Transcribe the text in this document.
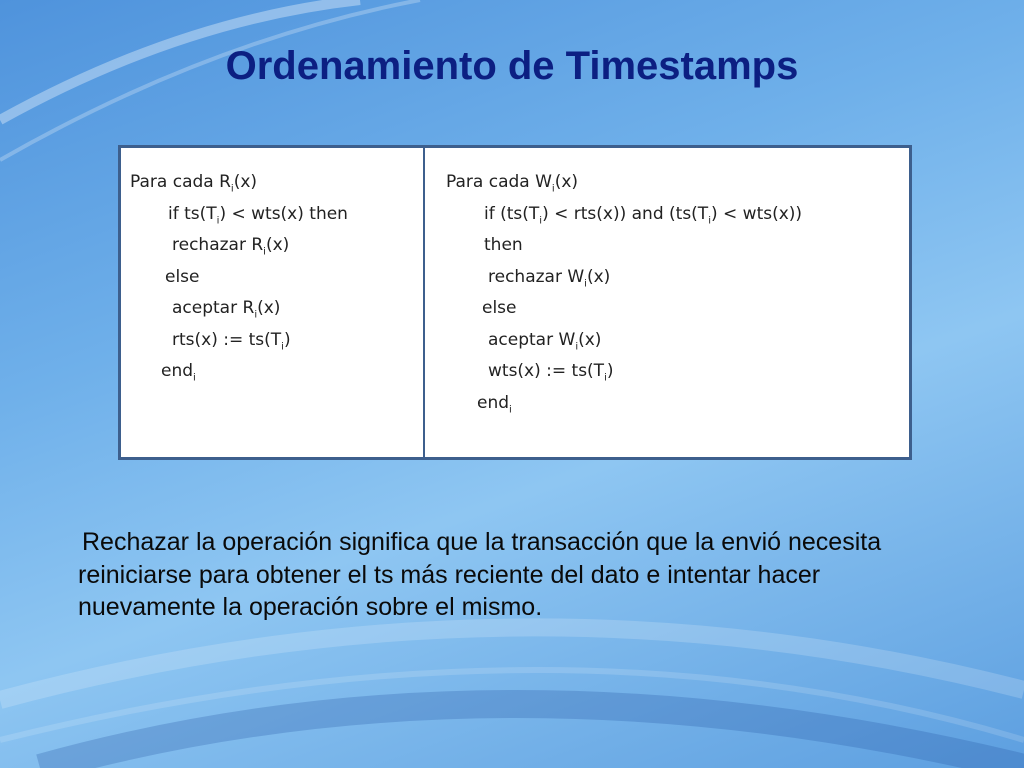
Ordenamiento de Timestamps
Para cada $R_i(x)$
if $ts(T_i) < wts(x)$ then
rechazar $R_i(x)$
else
aceptar $R_i(x)$
rts(x) := $ts(T_i)$
end$_i$
Para cada $W_i(x)$
if $(ts(T_i) < rts(x))$ and $(ts(T_i) < wts(x))$
then
rechazar $W_i(x)$
else
aceptar $W_i(x)$
wts(x) := $ts(T_i)$
end$_i$

Rechazar la operación significa que la transacción que la envió necesita reiniciarse para obtener el ts más reciente del dato e intentar hacer nuevamente la operación sobre el mismo.
